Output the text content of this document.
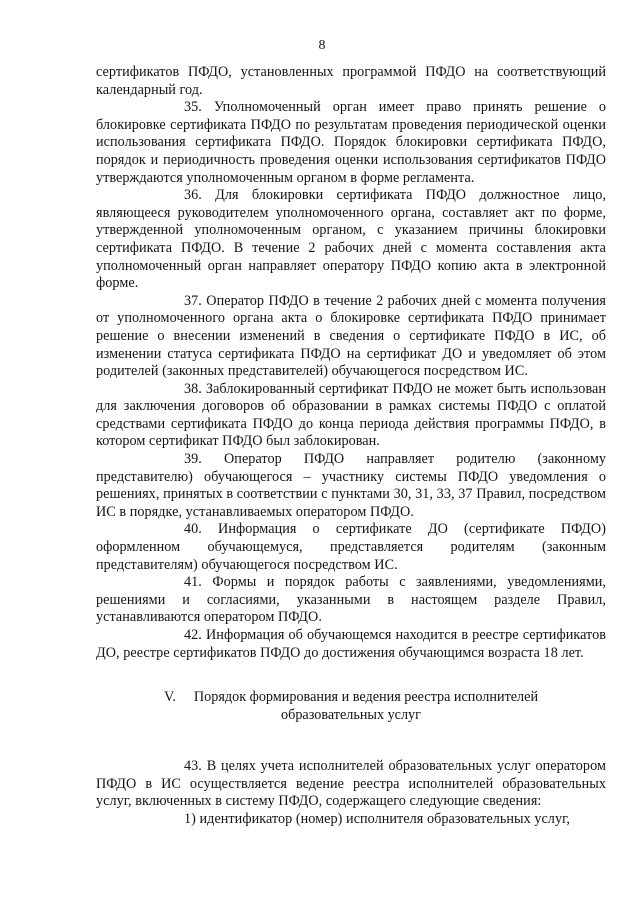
8

сертификатов ПФДО, установленных программой ПФДО на соответствующий календарный год.

35. Уполномоченный орган имеет право принять решение о блокировке сертификата ПФДО по результатам проведения периодической оценки использования сертификата ПФДО. Порядок блокировки сертификата ПФДО, порядок и периодичность проведения оценки использования сертификатов ПФДО утверждаются уполномоченным органом в форме регламента.

36. Для блокировки сертификата ПФДО должностное лицо, являющееся руководителем уполномоченного органа, составляет акт по форме, утвержденной уполномоченным органом, с указанием причины блокировки сертификата ПФДО. В течение 2 рабочих дней с момента составления акта уполномоченный орган направляет оператору ПФДО копию акта в электронной форме.

37. Оператор ПФДО в течение 2 рабочих дней с момента получения от уполномоченного органа акта о блокировке сертификата ПФДО принимает решение о внесении изменений в сведения о сертификате ПФДО в ИС, об изменении статуса сертификата ПФДО на сертификат ДО и уведомляет об этом родителей (законных представителей) обучающегося посредством ИС.

38. Заблокированный сертификат ПФДО не может быть использован для заключения договоров об образовании в рамках системы ПФДО с оплатой средствами сертификата ПФДО до конца периода действия программы ПФДО, в котором сертификат ПФДО был заблокирован.

39. Оператор ПФДО направляет родителю (законному представителю) обучающегося – участнику системы ПФДО уведомления о решениях, принятых в соответствии с пунктами 30, 31, 33, 37 Правил, посредством ИС в порядке, устанавливаемых оператором ПФДО.

40. Информация о сертификате ДО (сертификате ПФДО) оформленном обучающемуся, представляется родителям (законным представителям) обучающегося посредством ИС.

41. Формы и порядок работы с заявлениями, уведомлениями, решениями и согласиями, указанными в настоящем разделе Правил, устанавливаются оператором ПФДО.

42. Информация об обучающемся находится в реестре сертификатов ДО, реестре сертификатов ПФДО до достижения обучающимся возраста 18 лет.

V. Порядок формирования и ведения реестра исполнителей
образовательных услуг

43. В целях учета исполнителей образовательных услуг оператором ПФДО в ИС осуществляется ведение реестра исполнителей образовательных услуг, включенных в систему ПФДО, содержащего следующие сведения:

1) идентификатор (номер) исполнителя образовательных услуг,
